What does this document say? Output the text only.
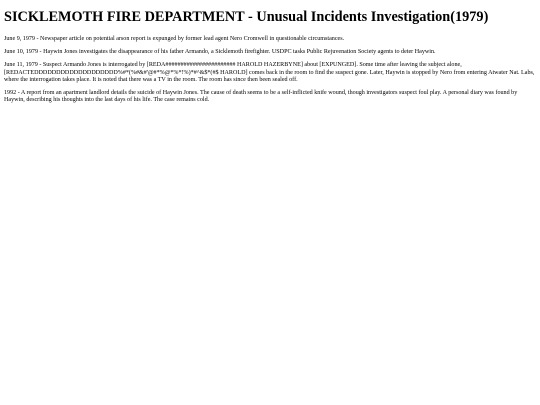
SICKLEMOTH FIRE DEPARTMENT - Unusual Incidents Investigation(1979)

June 9, 1979 - Newspaper article on potential arson report is expunged by former lead agent Nero Cromwell in questionable circumstances.

June 10, 1979 - Haywin Jones investigates the disappearance of his father Armando, a Sicklemoth firefighter. USDPC tasks Public Rejuvenation Society agents to deter Haywin.

June 11, 1979 - Suspect Armando Jones is interrogated by [REDA####################### HAROLD HAZERBYNE] about [EXPUNGED]. Some time after leaving the subject alone, [REDACTEDDDDDDDDDDDDDDDDDDD%#*(%#&#'@#*%@*%*!%)*#^&$*(#$ HAROLD] comes back in the room to find the suspect gone. Later, Haywin is stopped by Nero from entering Atwater Nat. Labs, where the interrogation takes place. It is noted that there was a TV in the room. The room has since then been sealed off.

1992 - A report from an apartment landlord details the suicide of Haywin Jones. The cause of death seems to be a self-inflicted knife wound, though investigators suspect foul play. A personal diary was found by Haywin, describing his thoughts into the last days of his life. The case remains cold.
